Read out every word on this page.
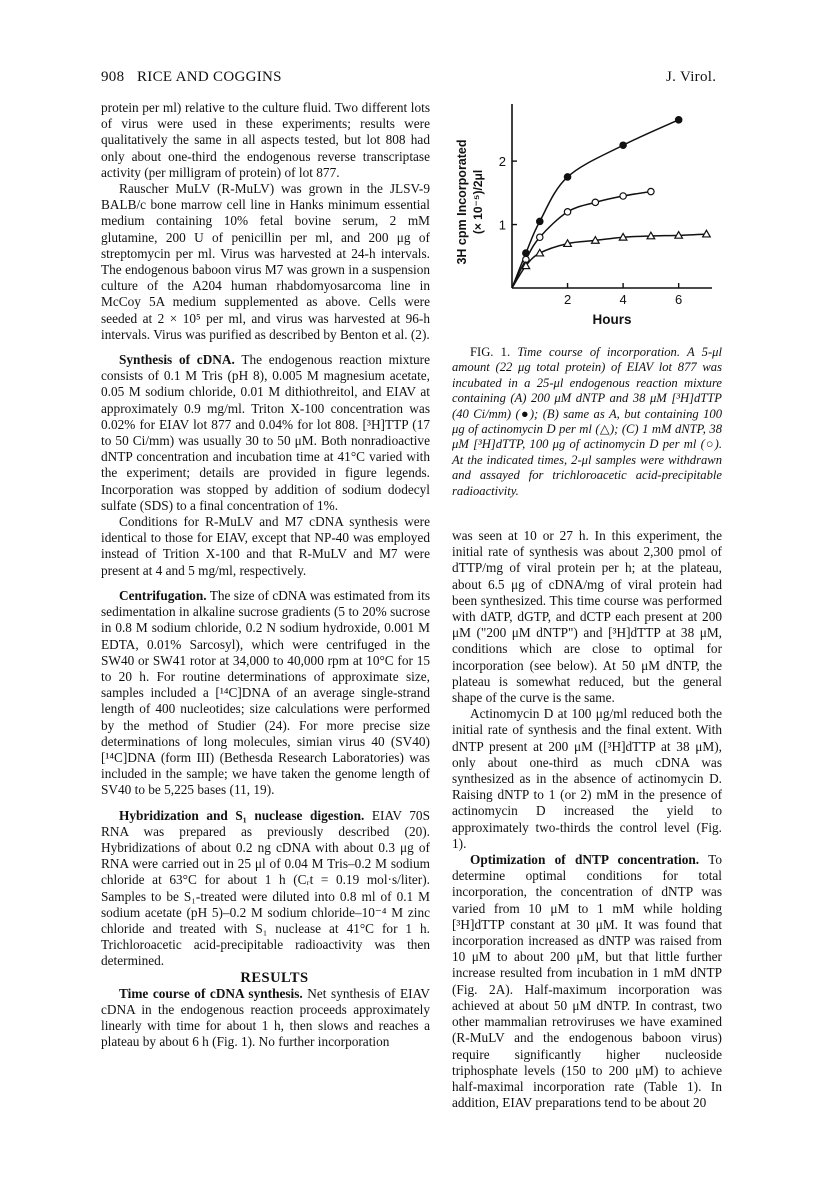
908 RICE AND COGGINS	J. Virol.

protein per ml) relative to the culture fluid. Two different lots of virus were used in these experiments; results were qualitatively the same in all aspects tested, but lot 808 had only about one-third the endogenous reverse transcriptase activity (per milligram of protein) of lot 877.

Rauscher MuLV (R-MuLV) was grown in the JLSV-9 BALB/c bone marrow cell line in Hanks minimum essential medium containing 10% fetal bovine serum, 2 mM glutamine, 200 U of penicillin per ml, and 200 μg of streptomycin per ml. Virus was harvested at 24-h intervals. The endogenous baboon virus M7 was grown in a suspension culture of the A204 human rhabdomyosarcoma line in McCoy 5A medium supplemented as above. Cells were seeded at 2 × 10⁵ per ml, and virus was harvested at 96-h intervals. Virus was purified as described by Benton et al. (2).

Synthesis of cDNA. The endogenous reaction mixture consists of 0.1 M Tris (pH 8), 0.005 M magnesium acetate, 0.05 M sodium chloride, 0.01 M dithiothreitol, and EIAV at approximately 0.9 mg/ml. Triton X-100 concentration was 0.02% for EIAV lot 877 and 0.04% for lot 808. [³H]TTP (17 to 50 Ci/mm) was usually 30 to 50 μM. Both nonradioactive dNTP concentration and incubation time at 41°C varied with the experiment; details are provided in figure legends. Incorporation was stopped by addition of sodium dodecyl sulfate (SDS) to a final concentration of 1%.

Conditions for R-MuLV and M7 cDNA synthesis were identical to those for EIAV, except that NP-40 was employed instead of Trition X-100 and that R-MuLV and M7 were present at 4 and 5 mg/ml, respectively.

Centrifugation. The size of cDNA was estimated from its sedimentation in alkaline sucrose gradients (5 to 20% sucrose in 0.8 M sodium chloride, 0.2 N sodium hydroxide, 0.001 M EDTA, 0.01% Sarcosyl), which were centrifuged in the SW40 or SW41 rotor at 34,000 to 40,000 rpm at 10°C for 15 to 20 h. For routine determinations of approximate size, samples included a [¹⁴C]DNA of an average single-strand length of 400 nucleotides; size calculations were performed by the method of Studier (24). For more precise size determinations of long molecules, simian virus 40 (SV40) [¹⁴C]DNA (form III) (Bethesda Research Laboratories) was included in the sample; we have taken the genome length of SV40 to be 5,225 bases (11, 19).

Hybridization and S₁ nuclease digestion. EIAV 70S RNA was prepared as previously described (20). Hybridizations of about 0.2 ng cDNA with about 0.3 μg of RNA were carried out in 25 μl of 0.04 M Tris–0.2 M sodium chloride at 63°C for about 1 h (Cᵣt = 0.19 mol·s/liter). Samples to be S₁-treated were diluted into 0.8 ml of 0.1 M sodium acetate (pH 5)–0.2 M sodium chloride–10⁻⁴ M zinc chloride and treated with S₁ nuclease at 41°C for 1 h. Trichloroacetic acid-precipitable radioactivity was then determined.

RESULTS

Time course of cDNA synthesis. Net synthesis of EIAV cDNA in the endogenous reaction proceeds approximately linearly with time for about 1 h, then slows and reaches a plateau by about 6 h (Fig. 1). No further incorporation

2	4	6
1
2
Hours
3H cpm Incorporated (× 10⁻⁵)/2μl

FIG. 1. Time course of incorporation. A 5-μl amount (22 μg total protein) of EIAV lot 877 was incubated in a 25-μl endogenous reaction mixture containing (A) 200 μM dNTP and 38 μM [³H]dTTP (40 Ci/mm) (●); (B) same as A, but containing 100 μg of actinomycin D per ml (△); (C) 1 mM dNTP, 38 μM [³H]dTTP, 100 μg of actinomycin D per ml (○). At the indicated times, 2-μl samples were withdrawn and assayed for trichloroacetic acid-precipitable radioactivity.

was seen at 10 or 27 h. In this experiment, the initial rate of synthesis was about 2,300 pmol of dTTP/mg of viral protein per h; at the plateau, about 6.5 μg of cDNA/mg of viral protein had been synthesized. This time course was performed with dATP, dGTP, and dCTP each present at 200 μM ("200 μM dNTP") and [³H]dTTP at 38 μM, conditions which are close to optimal for incorporation (see below). At 50 μM dNTP, the plateau is somewhat reduced, but the general shape of the curve is the same.

Actinomycin D at 100 μg/ml reduced both the initial rate of synthesis and the final extent. With dNTP present at 200 μM ([³H]dTTP at 38 μM), only about one-third as much cDNA was synthesized as in the absence of actinomycin D. Raising dNTP to 1 (or 2) mM in the presence of actinomycin D increased the yield to approximately two-thirds the control level (Fig. 1).

Optimization of dNTP concentration. To determine optimal conditions for total incorporation, the concentration of dNTP was varied from 10 μM to 1 mM while holding [³H]dTTP constant at 30 μM. It was found that incorporation increased as dNTP was raised from 10 μM to about 200 μM, but that little further increase resulted from incubation in 1 mM dNTP (Fig. 2A). Half-maximum incorporation was achieved at about 50 μM dNTP. In contrast, two other mammalian retroviruses we have examined (R-MuLV and the endogenous baboon virus) require significantly higher nucleoside triphosphate levels (150 to 200 μM) to achieve half-maximal incorporation rate (Table 1). In addition, EIAV preparations tend to be about 20
